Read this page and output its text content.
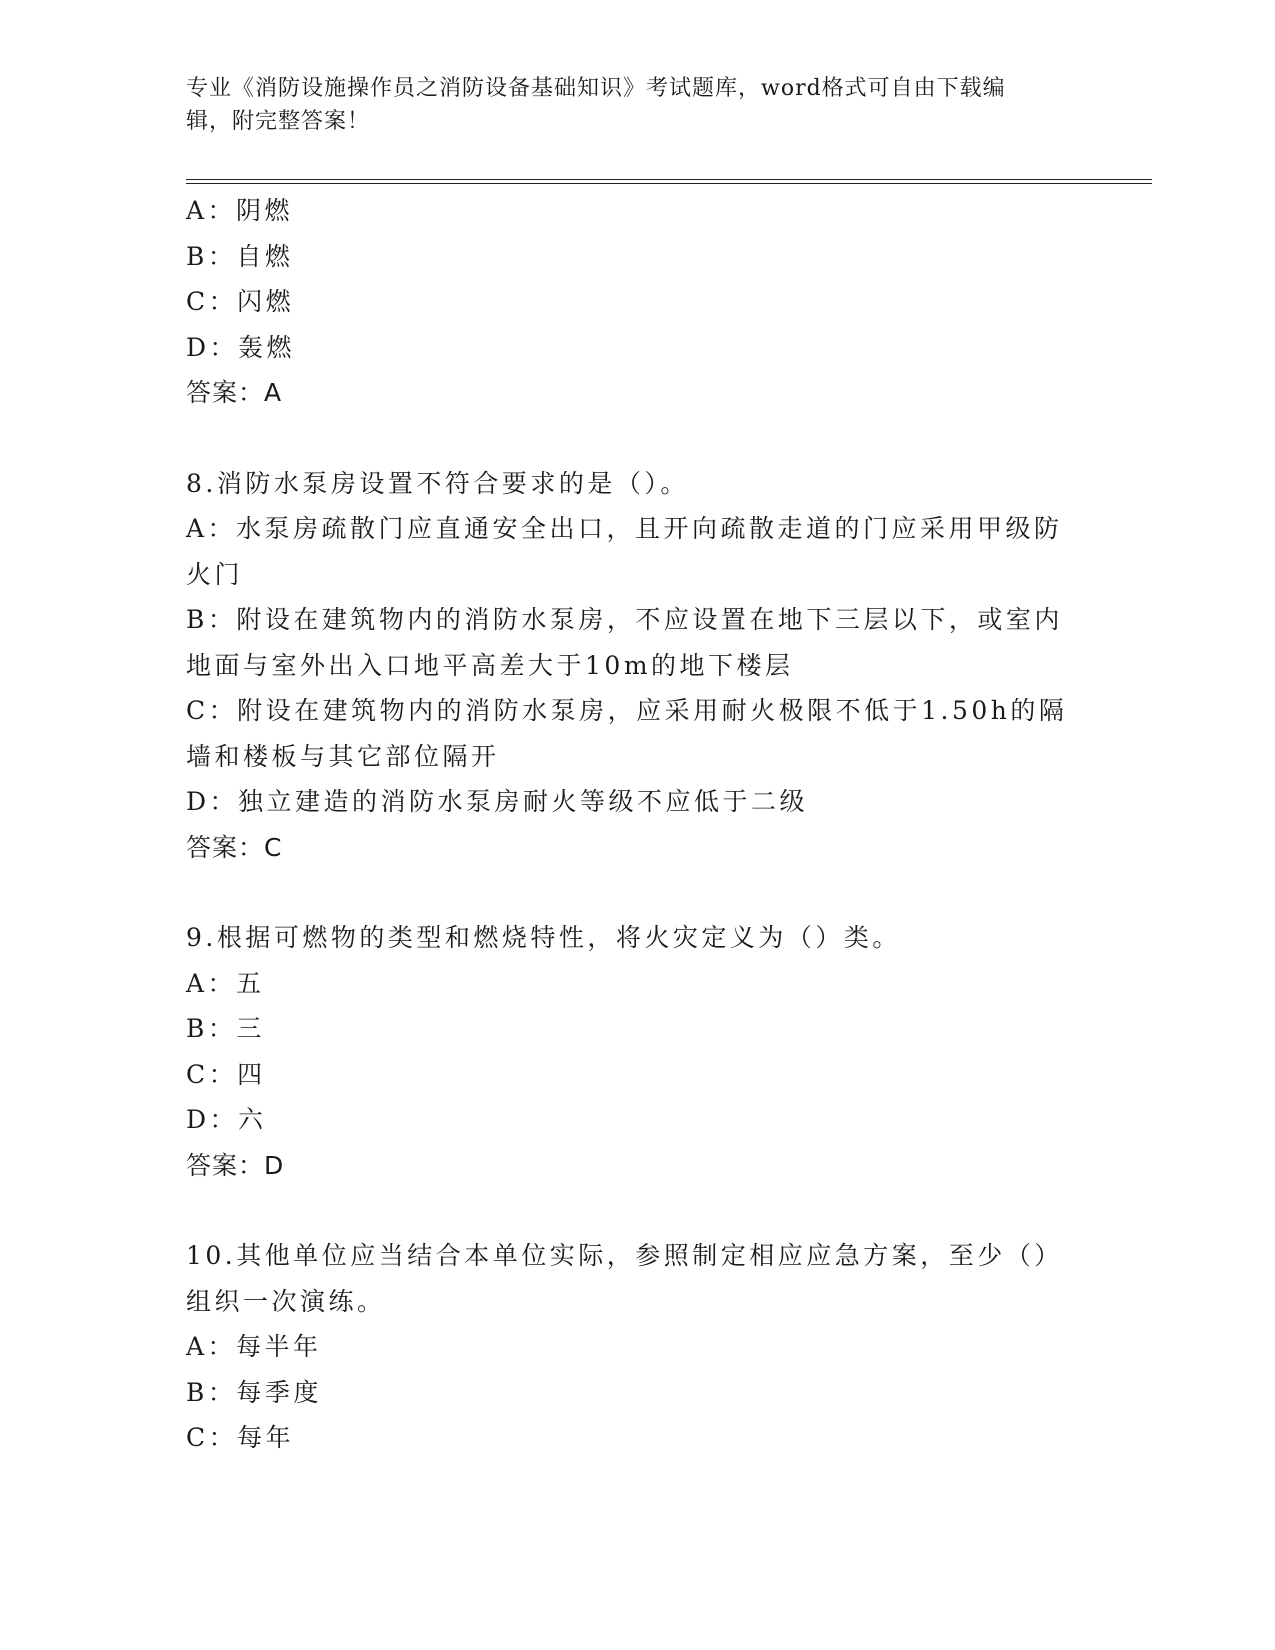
专业《消防设施操作员之消防设备基础知识》考试题库，word格式可自由下载编
辑，附完整答案！
A：阴燃
B：自燃
C：闪燃
D：轰燃
答案：A
8.消防水泵房设置不符合要求的是（）。
A：水泵房疏散门应直通安全出口，且开向疏散走道的门应采用甲级防
火门
B：附设在建筑物内的消防水泵房，不应设置在地下三层以下，或室内
地面与室外出入口地平高差大于10m的地下楼层
C：附设在建筑物内的消防水泵房，应采用耐火极限不低于1.50h的隔
墙和楼板与其它部位隔开
D：独立建造的消防水泵房耐火等级不应低于二级
答案：C
9.根据可燃物的类型和燃烧特性，将火灾定义为（）类。
A：五
B：三
C：四
D：六
答案：D
10.其他单位应当结合本单位实际，参照制定相应应急方案，至少（）
组织一次演练。
A：每半年
B：每季度
C：每年
